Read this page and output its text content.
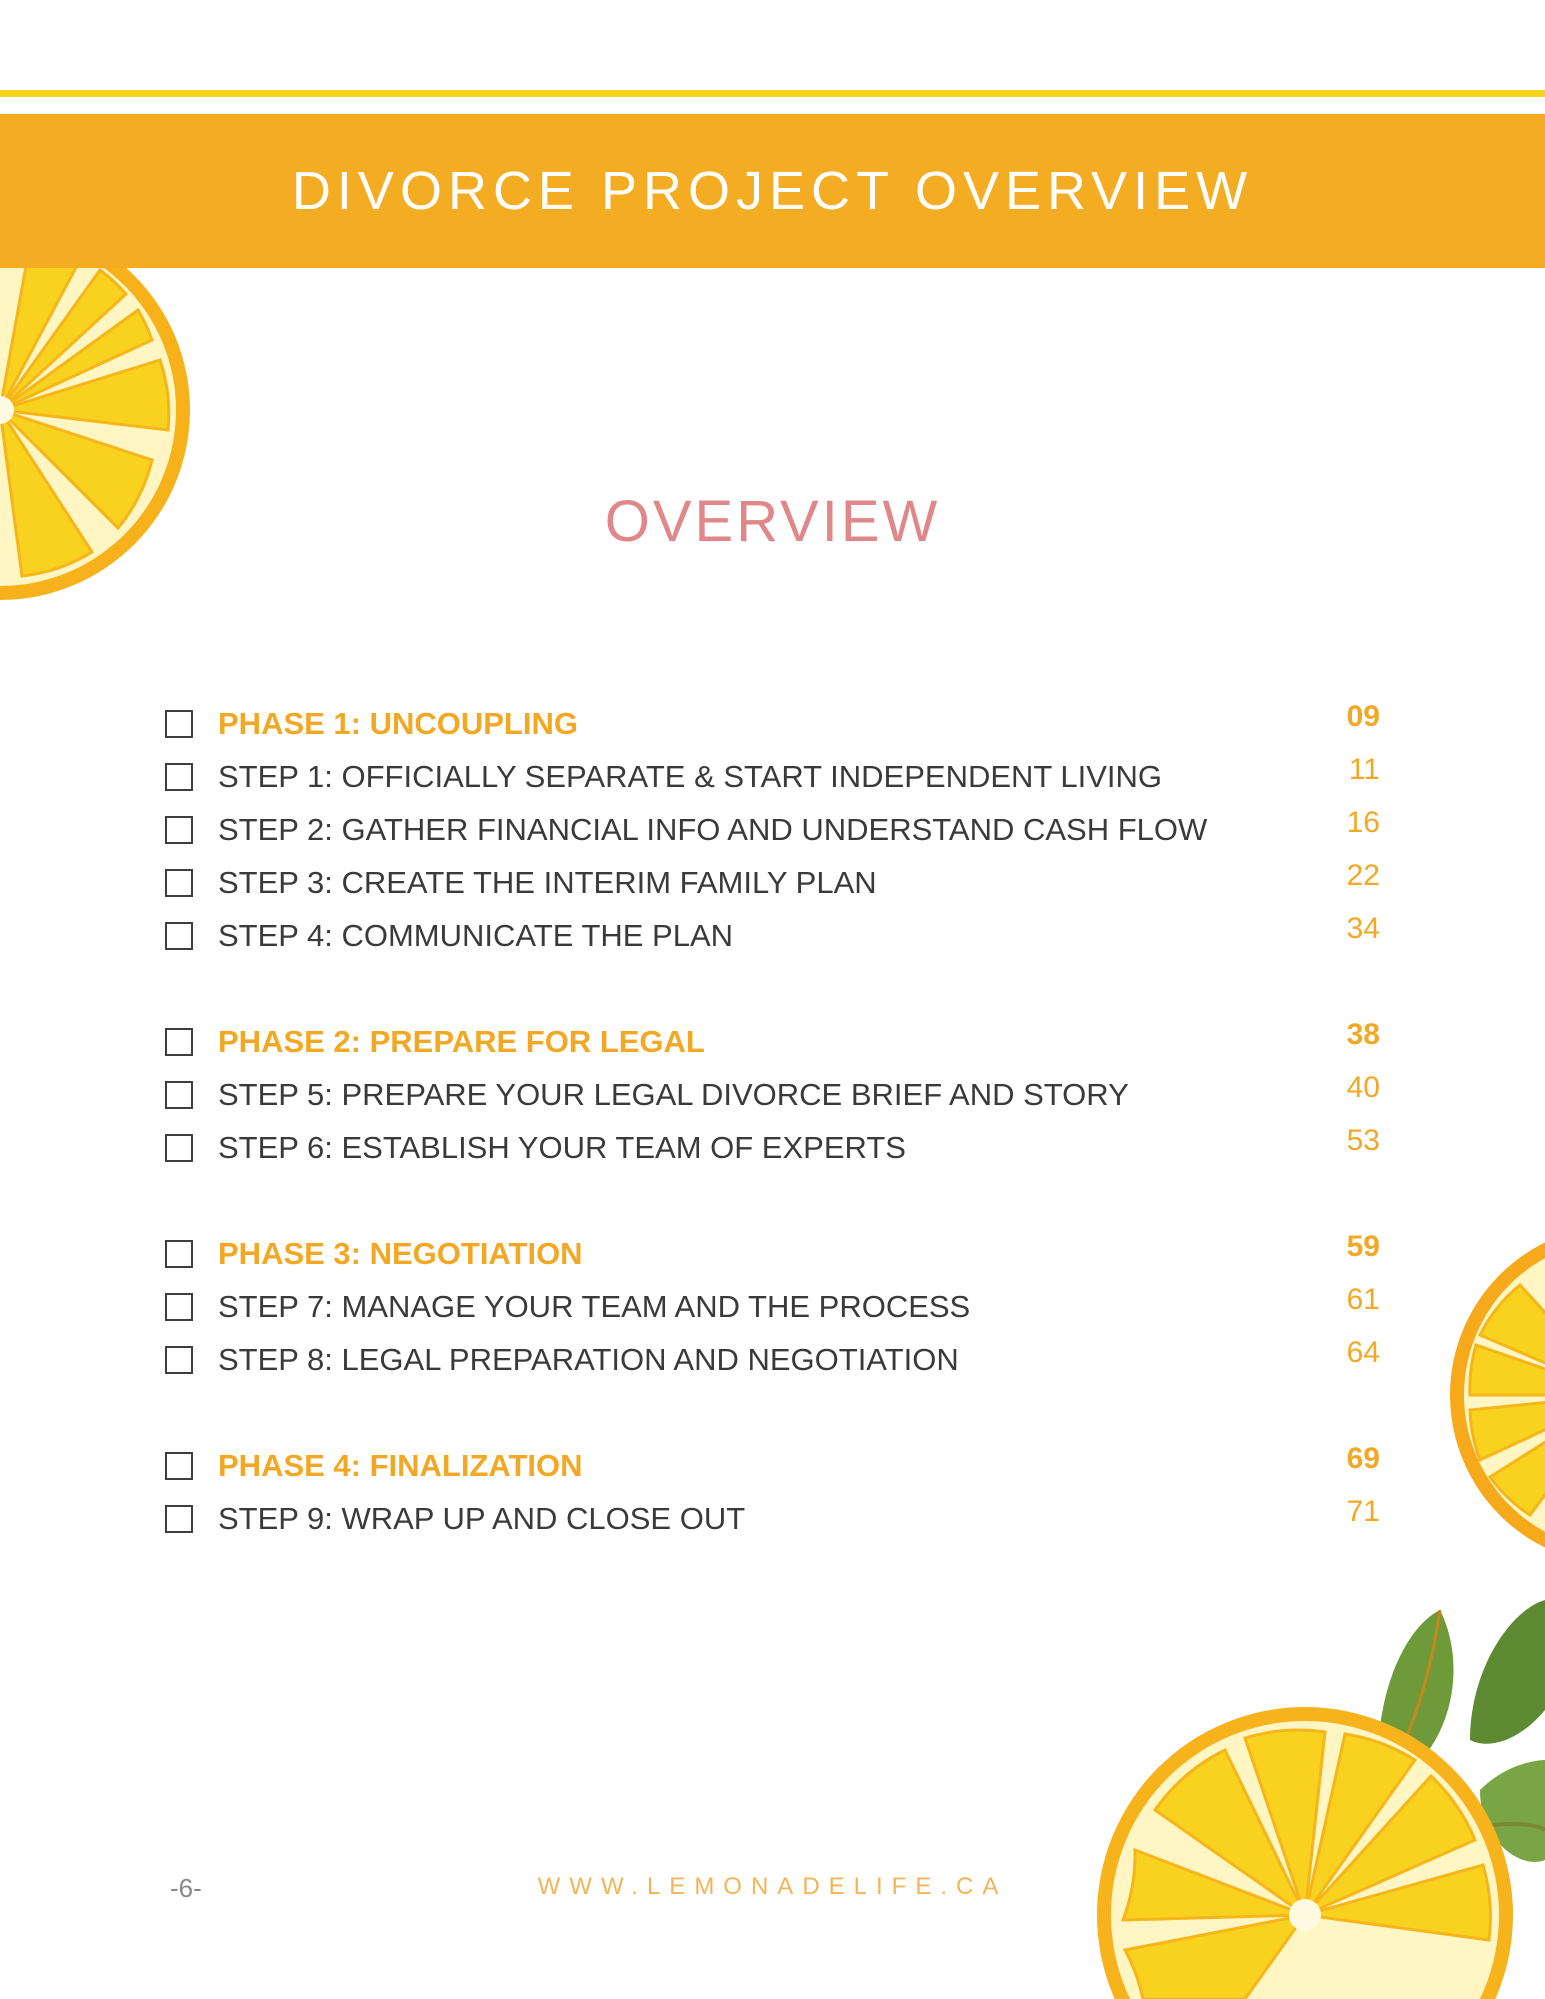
DIVORCE PROJECT OVERVIEW
OVERVIEW
PHASE 1: UNCOUPLING	09
STEP 1: OFFICIALLY SEPARATE & START INDEPENDENT LIVING	11
STEP 2: GATHER FINANCIAL INFO AND UNDERSTAND CASH FLOW	16
STEP 3: CREATE THE INTERIM FAMILY PLAN	22
STEP 4: COMMUNICATE THE PLAN	34
PHASE 2: PREPARE FOR LEGAL	38
STEP 5: PREPARE YOUR LEGAL DIVORCE BRIEF AND STORY	40
STEP 6: ESTABLISH YOUR TEAM OF EXPERTS	53
PHASE 3: NEGOTIATION	59
STEP 7: MANAGE YOUR TEAM AND THE PROCESS	61
STEP 8: LEGAL PREPARATION AND NEGOTIATION	64
PHASE 4: FINALIZATION	69
STEP 9: WRAP UP AND CLOSE OUT	71
-6-	WWW.LEMONADELIFE.CA
